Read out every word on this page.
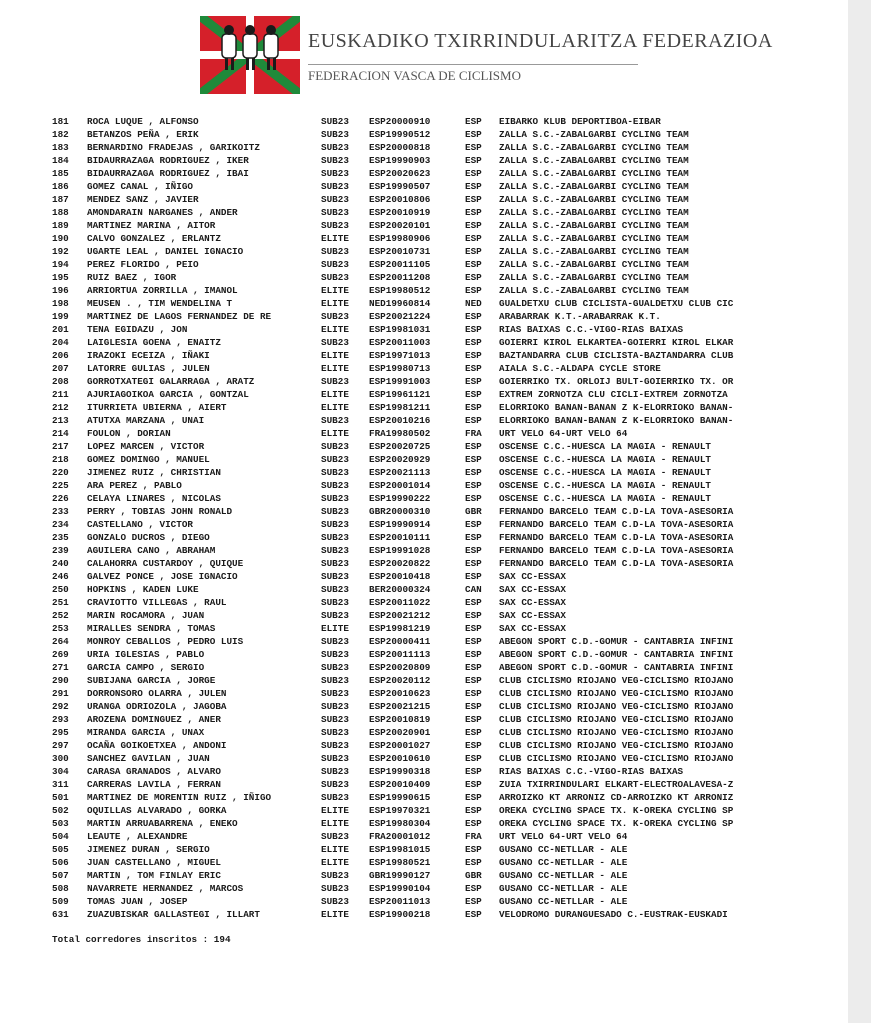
EUSKADIKO TXIRRINDULARITZA FEDERAZIOA
FEDERACION VASCA DE CICLISMO
181 ROCA LUQUE , ALFONSO	SUB23 ESP20000910	ESP EIBARKO KLUB DEPORTIBOA-EIBAR
182 BETANZOS PEÑA , ERIK	SUB23 ESP19990512	ESP ZALLA S.C.-ZABALGARBI CYCLING TEAM
183 BERNARDINO FRADEJAS , GARIKOITZ	SUB23 ESP20000818	ESP ZALLA S.C.-ZABALGARBI CYCLING TEAM
184 BIDAURRAZAGA RODRIGUEZ , IKER	SUB23 ESP19990903	ESP ZALLA S.C.-ZABALGARBI CYCLING TEAM
185 BIDAURRAZAGA RODRIGUEZ , IBAI	SUB23 ESP20020623	ESP ZALLA S.C.-ZABALGARBI CYCLING TEAM
186 GOMEZ CANAL , IÑIGO	SUB23 ESP19990507	ESP ZALLA S.C.-ZABALGARBI CYCLING TEAM
187 MENDEZ SANZ , JAVIER	SUB23 ESP20010806	ESP ZALLA S.C.-ZABALGARBI CYCLING TEAM
188 AMONDARAIN NARGANES , ANDER	SUB23 ESP20010919	ESP ZALLA S.C.-ZABALGARBI CYCLING TEAM
189 MARTINEZ MARINA , AITOR	SUB23 ESP20020101	ESP ZALLA S.C.-ZABALGARBI CYCLING TEAM
190 CALVO GONZALEZ , ERLANTZ	ELITE ESP19980906	ESP ZALLA S.C.-ZABALGARBI CYCLING TEAM
192 UGARTE LEAL , DANIEL IGNACIO	SUB23 ESP20010731	ESP ZALLA S.C.-ZABALGARBI CYCLING TEAM
194 PEREZ FLORIDO , PEIO	SUB23 ESP20011105	ESP ZALLA S.C.-ZABALGARBI CYCLING TEAM
195 RUIZ BAEZ , IGOR	SUB23 ESP20011208	ESP ZALLA S.C.-ZABALGARBI CYCLING TEAM
196 ARRIORTUA ZORRILLA , IMANOL	ELITE ESP19980512	ESP ZALLA S.C.-ZABALGARBI CYCLING TEAM
198 MEUSEN . , TIM WENDELINA T	ELITE NED19960814	NED GUALDETXU CLUB CICLISTA-GUALDETXU CLUB CIC
199 MARTINEZ DE LAGOS FERNANDEZ DE RE	SUB23 ESP20021224	ESP ARABARRAK K.T.-ARABARRAK K.T.
201 TENA EGIDAZU , JON	ELITE ESP19981031	ESP RIAS BAIXAS C.C.-VIGO-RIAS BAIXAS
204 LAIGLESIA GOENA , ENAITZ	SUB23 ESP20011003	ESP GOIERRI KIROL ELKARTEA-GOIERRI KIROL ELKAR
206 IRAZOKI ECEIZA , IÑAKI	ELITE ESP19971013	ESP BAZTANDARRA CLUB CICLISTA-BAZTANDARRA CLUB
207 LATORRE GULIAS , JULEN	ELITE ESP19980713	ESP AIALA S.C.-ALDAPA CYCLE STORE
208 GORROTXATEGI GALARRAGA , ARATZ	SUB23 ESP19991003	ESP GOIERRIKO TX. ORLOIJ BULT-GOIERRIKO TX. OR
211 AJURIAGOIKOA GARCIA , GONTZAL	ELITE ESP19961121	ESP EXTREM ZORNOTZA CLU CICLI-EXTREM ZORNOTZA
212 ITURRIETA UBIERNA , AIERT	ELITE ESP19981211	ESP ELORRIOKO BANAN-BANAN Z K-ELORRIOKO BANAN-
213 ATUTXA MARZANA , UNAI	SUB23 ESP20010216	ESP ELORRIOKO BANAN-BANAN Z K-ELORRIOKO BANAN-
214 FOULON , DORIAN	ELITE FRA19980502	FRA URT VELO 64-URT VELO 64
217 LOPEZ MARCEN , VICTOR	SUB23 ESP20020725	ESP OSCENSE C.C.-HUESCA LA MAGIA - RENAULT
218 GOMEZ DOMINGO , MANUEL	SUB23 ESP20020929	ESP OSCENSE C.C.-HUESCA LA MAGIA - RENAULT
220 JIMENEZ RUIZ , CHRISTIAN	SUB23 ESP20021113	ESP OSCENSE C.C.-HUESCA LA MAGIA - RENAULT
225 ARA PEREZ , PABLO	SUB23 ESP20001014	ESP OSCENSE C.C.-HUESCA LA MAGIA - RENAULT
226 CELAYA LINARES , NICOLAS	SUB23 ESP19990222	ESP OSCENSE C.C.-HUESCA LA MAGIA - RENAULT
233 PERRY , TOBIAS JOHN RONALD	SUB23 GBR20000310	GBR FERNANDO BARCELO TEAM C.D-LA TOVA-ASESORIA
234 CASTELLANO , VICTOR	SUB23 ESP19990914	ESP FERNANDO BARCELO TEAM C.D-LA TOVA-ASESORIA
235 GONZALO DUCROS , DIEGO	SUB23 ESP20010111	ESP FERNANDO BARCELO TEAM C.D-LA TOVA-ASESORIA
239 AGUILERA CANO , ABRAHAM	SUB23 ESP19991028	ESP FERNANDO BARCELO TEAM C.D-LA TOVA-ASESORIA
240 CALAHORRA CUSTARDOY , QUIQUE	SUB23 ESP20020822	ESP FERNANDO BARCELO TEAM C.D-LA TOVA-ASESORIA
246 GALVEZ PONCE , JOSE IGNACIO	SUB23 ESP20010418	ESP SAX CC-ESSAX
250 HOPKINS , KADEN LUKE	SUB23 BER20000324	CAN SAX CC-ESSAX
251 CRAVIOTTO VILLEGAS , RAUL	SUB23 ESP20011022	ESP SAX CC-ESSAX
252 MARIN ROCAMORA , JUAN	SUB23 ESP20021212	ESP SAX CC-ESSAX
253 MIRALLES SENDRA , TOMAS	ELITE ESP19981219	ESP SAX CC-ESSAX
264 MONROY CEBALLOS , PEDRO LUIS	SUB23 ESP20000411	ESP ABEGON SPORT C.D.-GOMUR - CANTABRIA INFINI
269 URIA IGLESIAS , PABLO	SUB23 ESP20011113	ESP ABEGON SPORT C.D.-GOMUR - CANTABRIA INFINI
271 GARCIA CAMPO , SERGIO	SUB23 ESP20020809	ESP ABEGON SPORT C.D.-GOMUR - CANTABRIA INFINI
290 SUBIJANA GARCIA , JORGE	SUB23 ESP20020112	ESP CLUB CICLISMO RIOJANO VEG-CICLISMO RIOJANO
291 DORRONSORO OLARRA , JULEN	SUB23 ESP20010623	ESP CLUB CICLISMO RIOJANO VEG-CICLISMO RIOJANO
292 URANGA ODRIOZOLA , JAGOBA	SUB23 ESP20021215	ESP CLUB CICLISMO RIOJANO VEG-CICLISMO RIOJANO
293 AROZENA DOMINGUEZ , ANER	SUB23 ESP20010819	ESP CLUB CICLISMO RIOJANO VEG-CICLISMO RIOJANO
295 MIRANDA GARCIA , UNAX	SUB23 ESP20020901	ESP CLUB CICLISMO RIOJANO VEG-CICLISMO RIOJANO
297 OCAÑA GOIKOETXEA , ANDONI	SUB23 ESP20001027	ESP CLUB CICLISMO RIOJANO VEG-CICLISMO RIOJANO
300 SANCHEZ GAVILAN , JUAN	SUB23 ESP20010610	ESP CLUB CICLISMO RIOJANO VEG-CICLISMO RIOJANO
304 CARASA GRANADOS , ALVARO	SUB23 ESP19990318	ESP RIAS BAIXAS C.C.-VIGO-RIAS BAIXAS
311 CARRERAS LAVILA , FERRAN	SUB23 ESP20010409	ESP ZUIA TXIRRINDULARI ELKART-ELECTROALAVESA-Z
501 MARTINEZ DE MORENTIN RUIZ , IÑIGO	SUB23 ESP19990615	ESP ARROIZKO KT ARRONIZ CD-ARROIZKO KT ARRONIZ
502 OQUILLAS ALVARADO , GORKA	ELITE ESP19970321	ESP OREKA CYCLING SPACE TX. K-OREKA CYCLING SP
503 MARTIN ARRUABARRENA , ENEKO	ELITE ESP19980304	ESP OREKA CYCLING SPACE TX. K-OREKA CYCLING SP
504 LEAUTE , ALEXANDRE	SUB23 FRA20001012	FRA URT VELO 64-URT VELO 64
505 JIMENEZ DURAN , SERGIO	ELITE ESP19981015	ESP GUSANO CC-NETLLAR - ALE
506 JUAN CASTELLANO , MIGUEL	ELITE ESP19980521	ESP GUSANO CC-NETLLAR - ALE
507 MARTIN , TOM FINLAY ERIC	SUB23 GBR19990127	GBR GUSANO CC-NETLLAR - ALE
508 NAVARRETE HERNANDEZ , MARCOS	SUB23 ESP19990104	ESP GUSANO CC-NETLLAR - ALE
509 TOMAS JUAN , JOSEP	SUB23 ESP20011013	ESP GUSANO CC-NETLLAR - ALE
631 ZUAZUBISKAR GALLASTEGI , ILLART	ELITE ESP19900218	ESP VELODROMO DURANGUESADO C.-EUSTRAK-EUSKADI
Total corredores inscritos : 194
